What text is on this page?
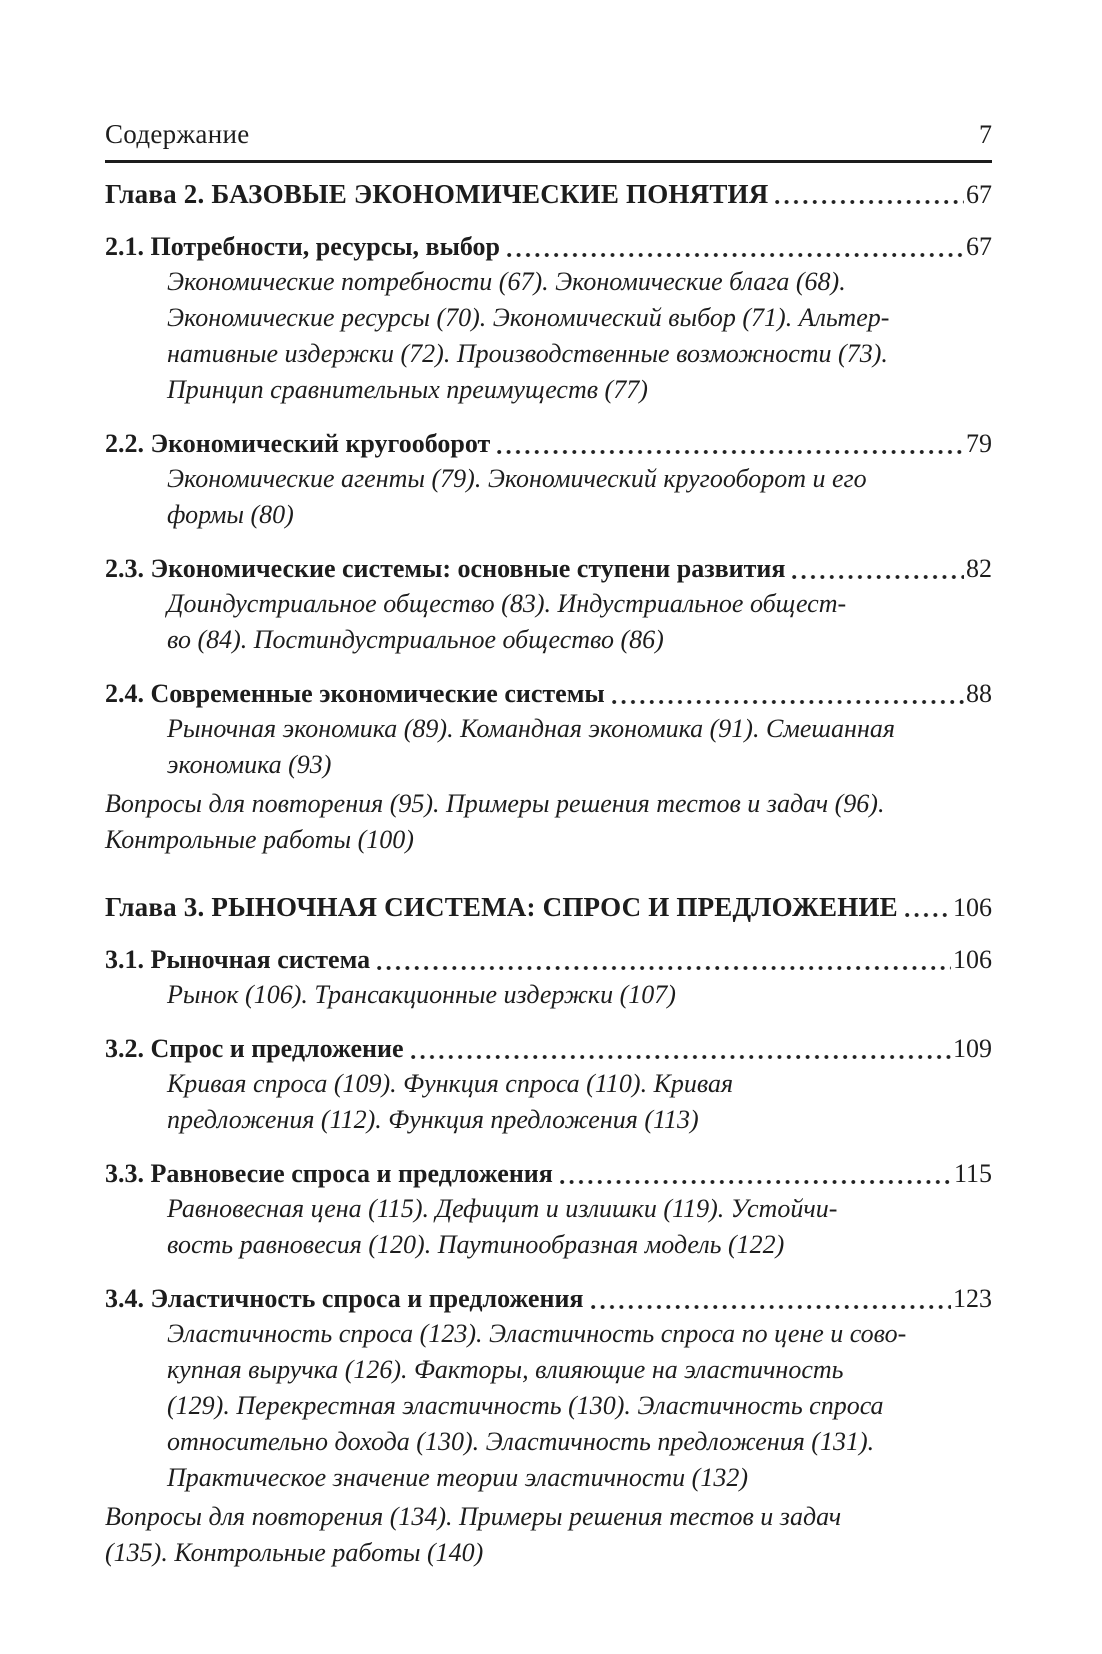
Содержание	7
Глава 2. БАЗОВЫЕ ЭКОНОМИЧЕСКИЕ ПОНЯТИЯ	67
2.1. Потребности, ресурсы, выбор	67
Экономические потребности (67). Экономические блага (68).
Экономические ресурсы (70). Экономический выбор (71). Альтер-
нативные издержки (72). Производственные возможности (73).
Принцип сравнительных преимуществ (77)
2.2. Экономический кругооборот	79
Экономические агенты (79). Экономический кругооборот и его
формы (80)
2.3. Экономические системы: основные ступени развития	82
Доиндустриальное общество (83). Индустриальное общест-
во (84). Постиндустриальное общество (86)
2.4. Современные экономические системы	88
Рыночная экономика (89). Командная экономика (91). Смешанная
экономика (93)
Вопросы для повторения (95). Примеры решения тестов и задач (96).
Контрольные работы (100)
Глава 3. РЫНОЧНАЯ СИСТЕМА: СПРОС И ПРЕДЛОЖЕНИЕ 106
3.1. Рыночная система	106
Рынок (106). Трансакционные издержки (107)
3.2. Спрос и предложение	109
Кривая спроса (109). Функция спроса (110). Кривая
предложения (112). Функция предложения (113)
3.3. Равновесие спроса и предложения	115
Равновесная цена (115). Дефицит и излишки (119). Устойчи-
вость равновесия (120). Паутинообразная модель (122)
3.4. Эластичность спроса и предложения	123
Эластичность спроса (123). Эластичность спроса по цене и сово-
купная выручка (126). Факторы, влияющие на эластичность
(129). Перекрестная эластичность (130). Эластичность спроса
относительно дохода (130). Эластичность предложения (131).
Практическое значение теории эластичности (132)
Вопросы для повторения (134). Примеры решения тестов и задач
(135). Контрольные работы (140)
